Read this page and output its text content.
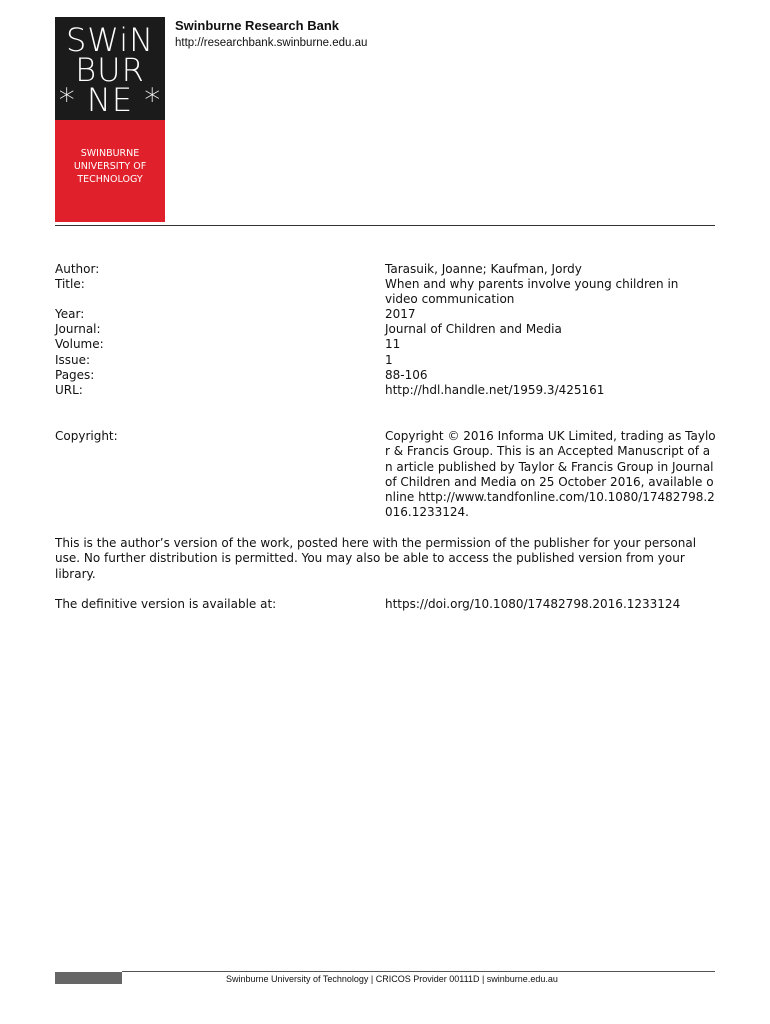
SWiN
BUR
* NE *
SWINBURNE
UNIVERSITY OF
TECHNOLOGY
Swinburne Research Bank
http://researchbank.swinburne.edu.au
Author:	Tarasuik, Joanne; Kaufman, Jordy
Title:	When and why parents involve young children in video communication
Year:	2017
Journal:	Journal of Children and Media
Volume:	11
Issue:	1
Pages:	88-106
URL:	http://hdl.handle.net/1959.3/425161
Copyright:	Copyright © 2016 Informa UK Limited, trading as Taylor & Francis Group. This is an Accepted Manuscript of an article published by Taylor & Francis Group in Journal of Children and Media on 25 October 2016, available online http://www.tandfonline.com/10.1080/17482798.2016.1233124.
This is the author’s version of the work, posted here with the permission of the publisher for your personal use. No further distribution is permitted. You may also be able to access the published version from your library.
The definitive version is available at:	https://doi.org/10.1080/17482798.2016.1233124
Swinburne University of Technology | CRICOS Provider 00111D | swinburne.edu.au
